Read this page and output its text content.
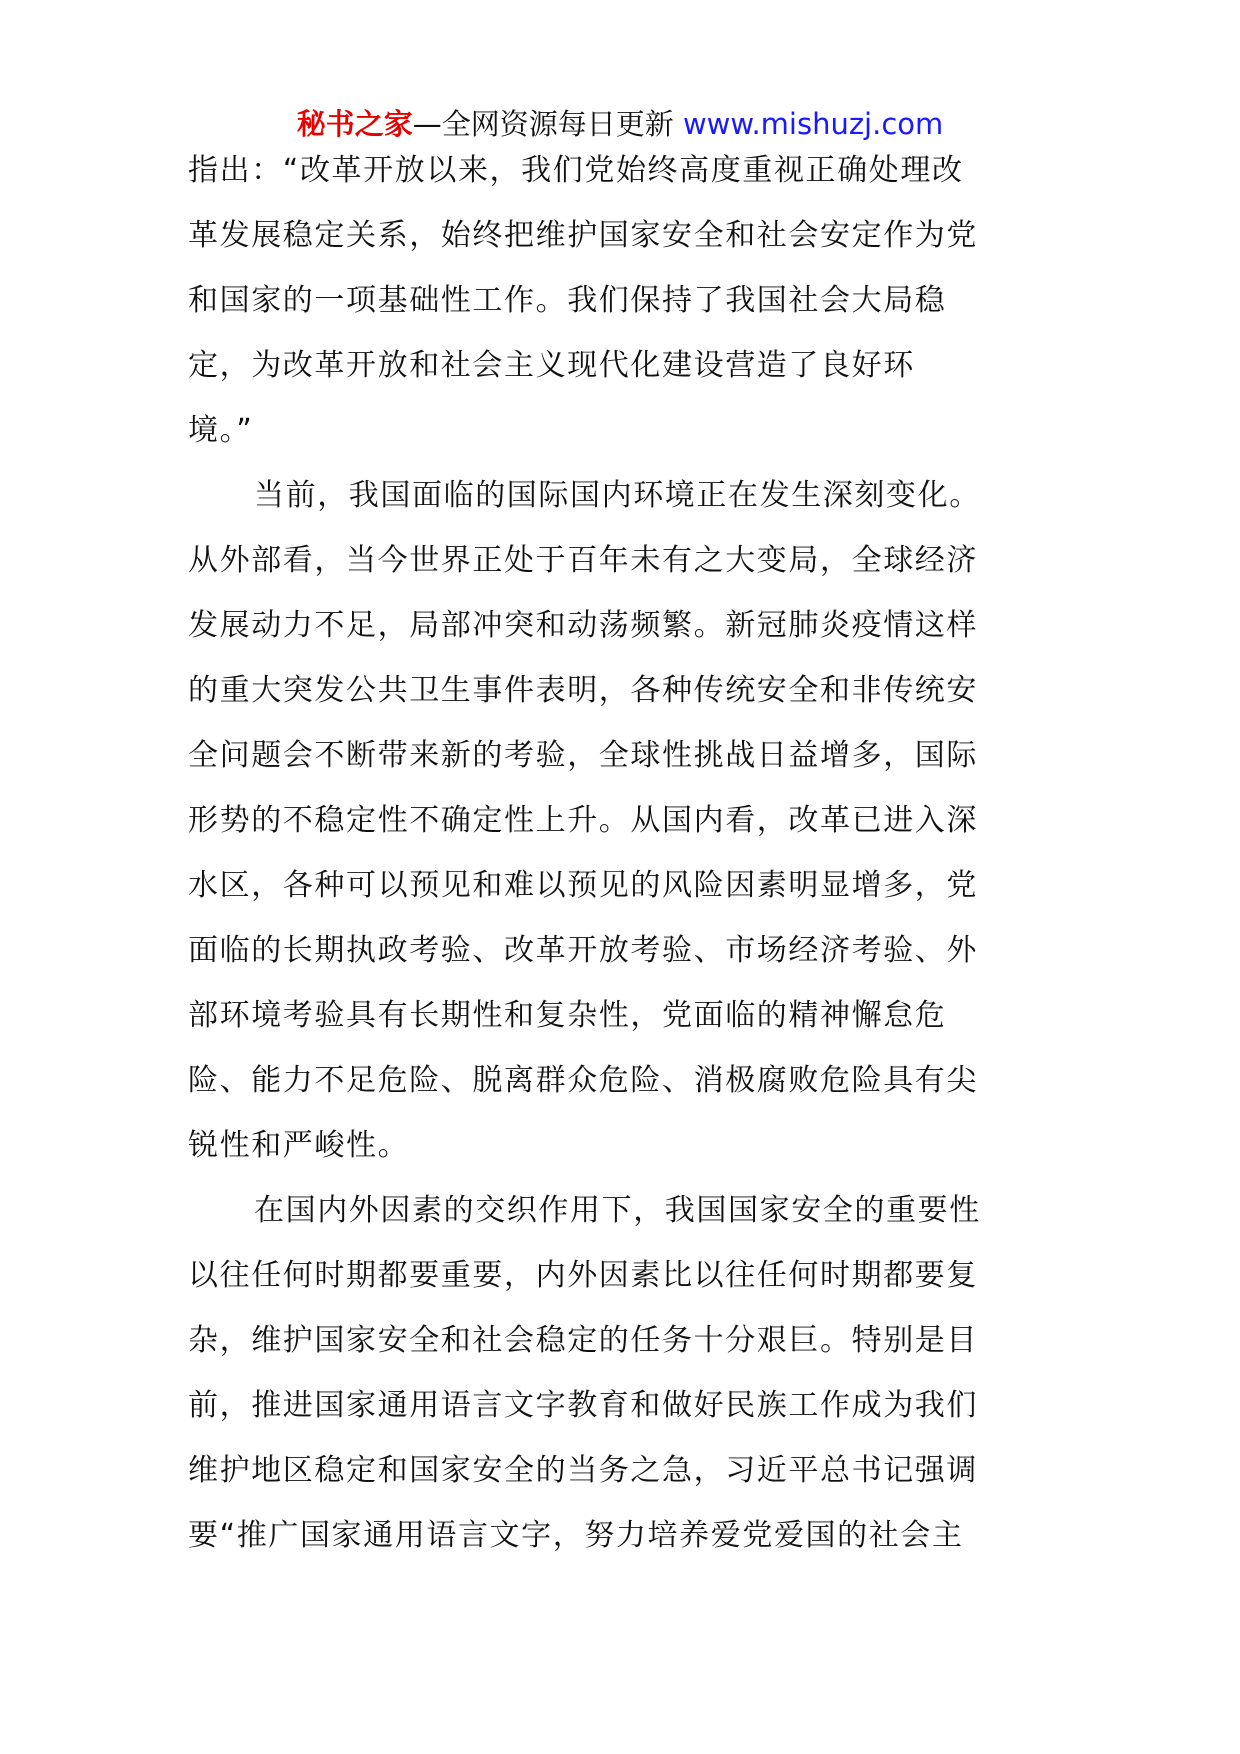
秘书之家—全网资源每日更新 www.mishuzj.com
指出：“改革开放以来，我们党始终高度重视正确处理改
革发展稳定关系，始终把维护国家安全和社会安定作为党
和国家的一项基础性工作。我们保持了我国社会大局稳
定，为改革开放和社会主义现代化建设营造了良好环
境。”
当前，我国面临的国际国内环境正在发生深刻变化。
从外部看，当今世界正处于百年未有之大变局，全球经济
发展动力不足，局部冲突和动荡频繁。新冠肺炎疫情这样
的重大突发公共卫生事件表明，各种传统安全和非传统安
全问题会不断带来新的考验，全球性挑战日益增多，国际
形势的不稳定性不确定性上升。从国内看，改革已进入深
水区，各种可以预见和难以预见的风险因素明显增多，党
面临的长期执政考验、改革开放考验、市场经济考验、外
部环境考验具有长期性和复杂性，党面临的精神懈怠危
险、能力不足危险、脱离群众危险、消极腐败危险具有尖
锐性和严峻性。
在国内外因素的交织作用下，我国国家安全的重要性
以往任何时期都要重要，内外因素比以往任何时期都要复
杂，维护国家安全和社会稳定的任务十分艰巨。特别是目
前，推进国家通用语言文字教育和做好民族工作成为我们
维护地区稳定和国家安全的当务之急，习近平总书记强调
要“推广国家通用语言文字，努力培养爱党爱国的社会主
